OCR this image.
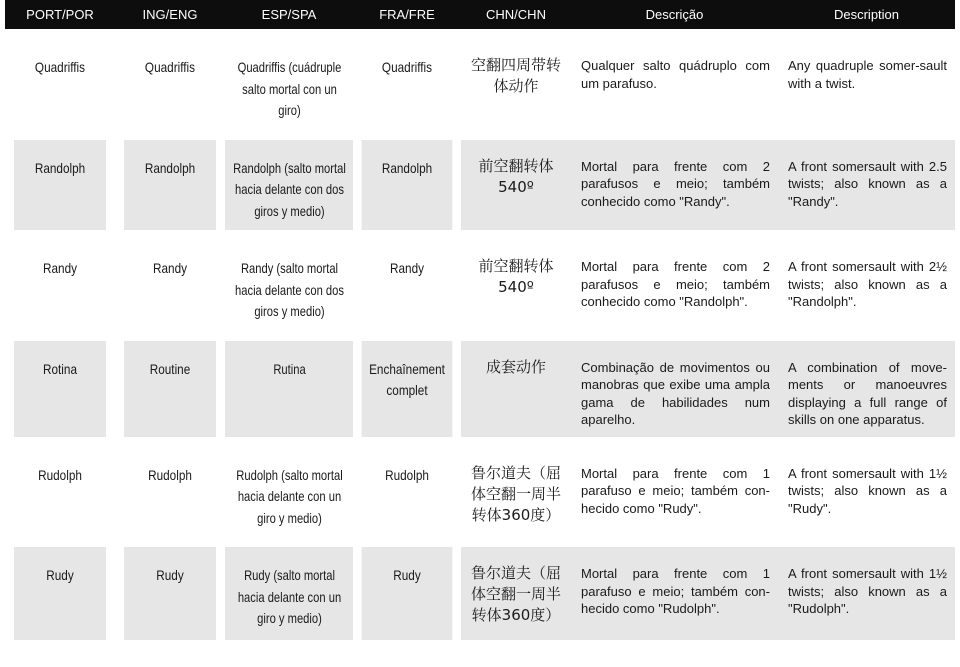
PORT/POR	ING/ENG	ESP/SPA	FRA/FRE	CHN/CHN	Descrição	Description
Quadriffis	Quadriffis	Quadriffis (cuádruple salto mortal con un giro)	Quadriffis	空翻四周带转体动作	Qualquer salto quádruplo com um parafuso.	Any quadruple somer-sault with a twist.
Randolph	Randolph	Randolph (salto mortal hacia delante con dos giros y medio)	Randolph	前空翻转体540º	Mortal para frente com 2 parafusos e meio; também conhecido como "Randy".	A front somersault with 2.5 twists; also known as a "Randy".
Randy	Randy	Randy (salto mortal hacia delante con dos giros y medio)	Randy	前空翻转体540º	Mortal para frente com 2 parafusos e meio; também conhecido como "Randolph".	A front somersault with 2½ twists; also known as a "Randolph".
Rotina	Routine	Rutina	Enchaînement complet	成套动作	Combinação de movimentos ou manobras que exibe uma ampla gama de habilidades num aparelho.	A combination of move-ments or manoeuvres displaying a full range of skills on one apparatus.
Rudolph	Rudolph	Rudolph (salto mortal hacia delante con un giro y medio)	Rudolph	鲁尔道夫（屈体空翻一周半转体360度）	Mortal para frente com 1 parafuso e meio; também con-hecido como "Rudy".	A front somersault with 1½ twists; also known as a "Rudy".
Rudy	Rudy	Rudy (salto mortal hacia delante con un giro y medio)	Rudy	鲁尔道夫（屈体空翻一周半转体360度）	Mortal para frente com 1 parafuso e meio; também con-hecido como "Rudolph".	A front somersault with 1½ twists; also known as a "Rudolph".
